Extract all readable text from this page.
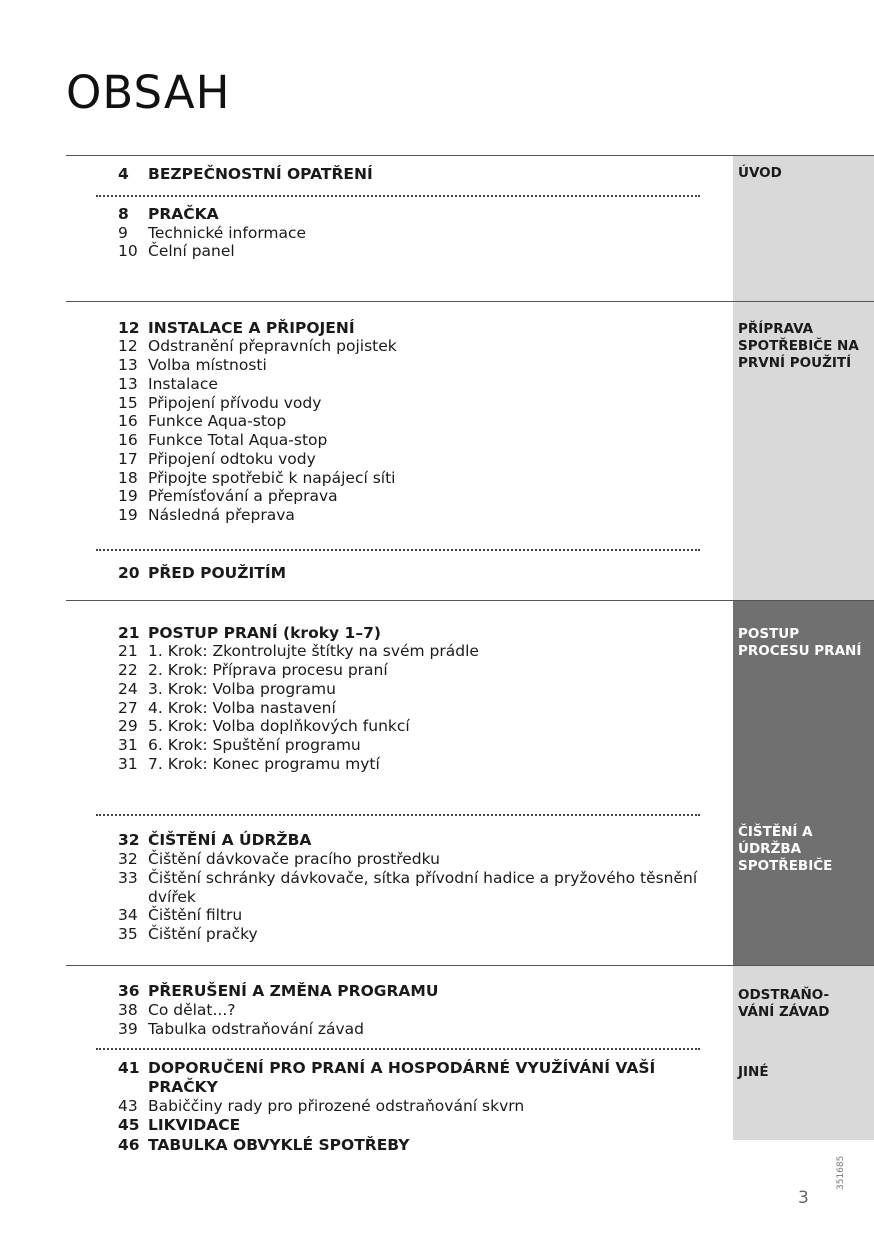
OBSAH
ÚVOD
PŘÍPRAVA SPOTŘEBIČE NA PRVNÍ POUŽITÍ
POSTUP PROCESU PRANÍ
ČIŠTĚNÍ A ÚDRŽBA SPOTŘEBIČE
ODSTRAŇO- VÁNÍ ZÁVAD
JINÉ
4	BEZPEČNOSTNÍ OPATŘENÍ
8	PRAČKA
9	Technické informace
10 Čelní panel
12 INSTALACE A PŘIPOJENÍ
12 Odstranění přepravních pojistek
13 Volba místnosti
13 Instalace
15 Připojení přívodu vody
16 Funkce Aqua-stop
16 Funkce Total Aqua-stop
17 Připojení odtoku vody
18 Připojte spotřebič k napájecí síti
19 Přemísťování a přeprava
19 Následná přeprava
20 PŘED POUŽITÍM
21 POSTUP PRANÍ (kroky 1–7)
21 1. Krok: Zkontrolujte štítky na svém prádle
22 2. Krok: Příprava procesu praní
24 3. Krok: Volba programu
27 4. Krok: Volba nastavení
29 5. Krok: Volba doplňkových funkcí
31 6. Krok: Spuštění programu
31 7. Krok: Konec programu mytí
32 ČIŠTĚNÍ A ÚDRŽBA
32 Čištění dávkovače pracího prostředku
33 Čištění schránky dávkovače, sítka přívodní hadice a pryžového těsnění dvířek
34 Čištění filtru
35 Čištění pračky
36 PŘERUŠENÍ A ZMĚNA PROGRAMU
38 Co dělat...?
39 Tabulka odstraňování závad
41 DOPORUČENÍ PRO PRANÍ A HOSPODÁRNÉ VYUŽÍVÁNÍ VAŠÍ PRAČKY
43 Babiččiny rady pro přirozené odstraňování skvrn
45 LIKVIDACE
46 TABULKA OBVYKLÉ SPOTŘEBY
351685
3
